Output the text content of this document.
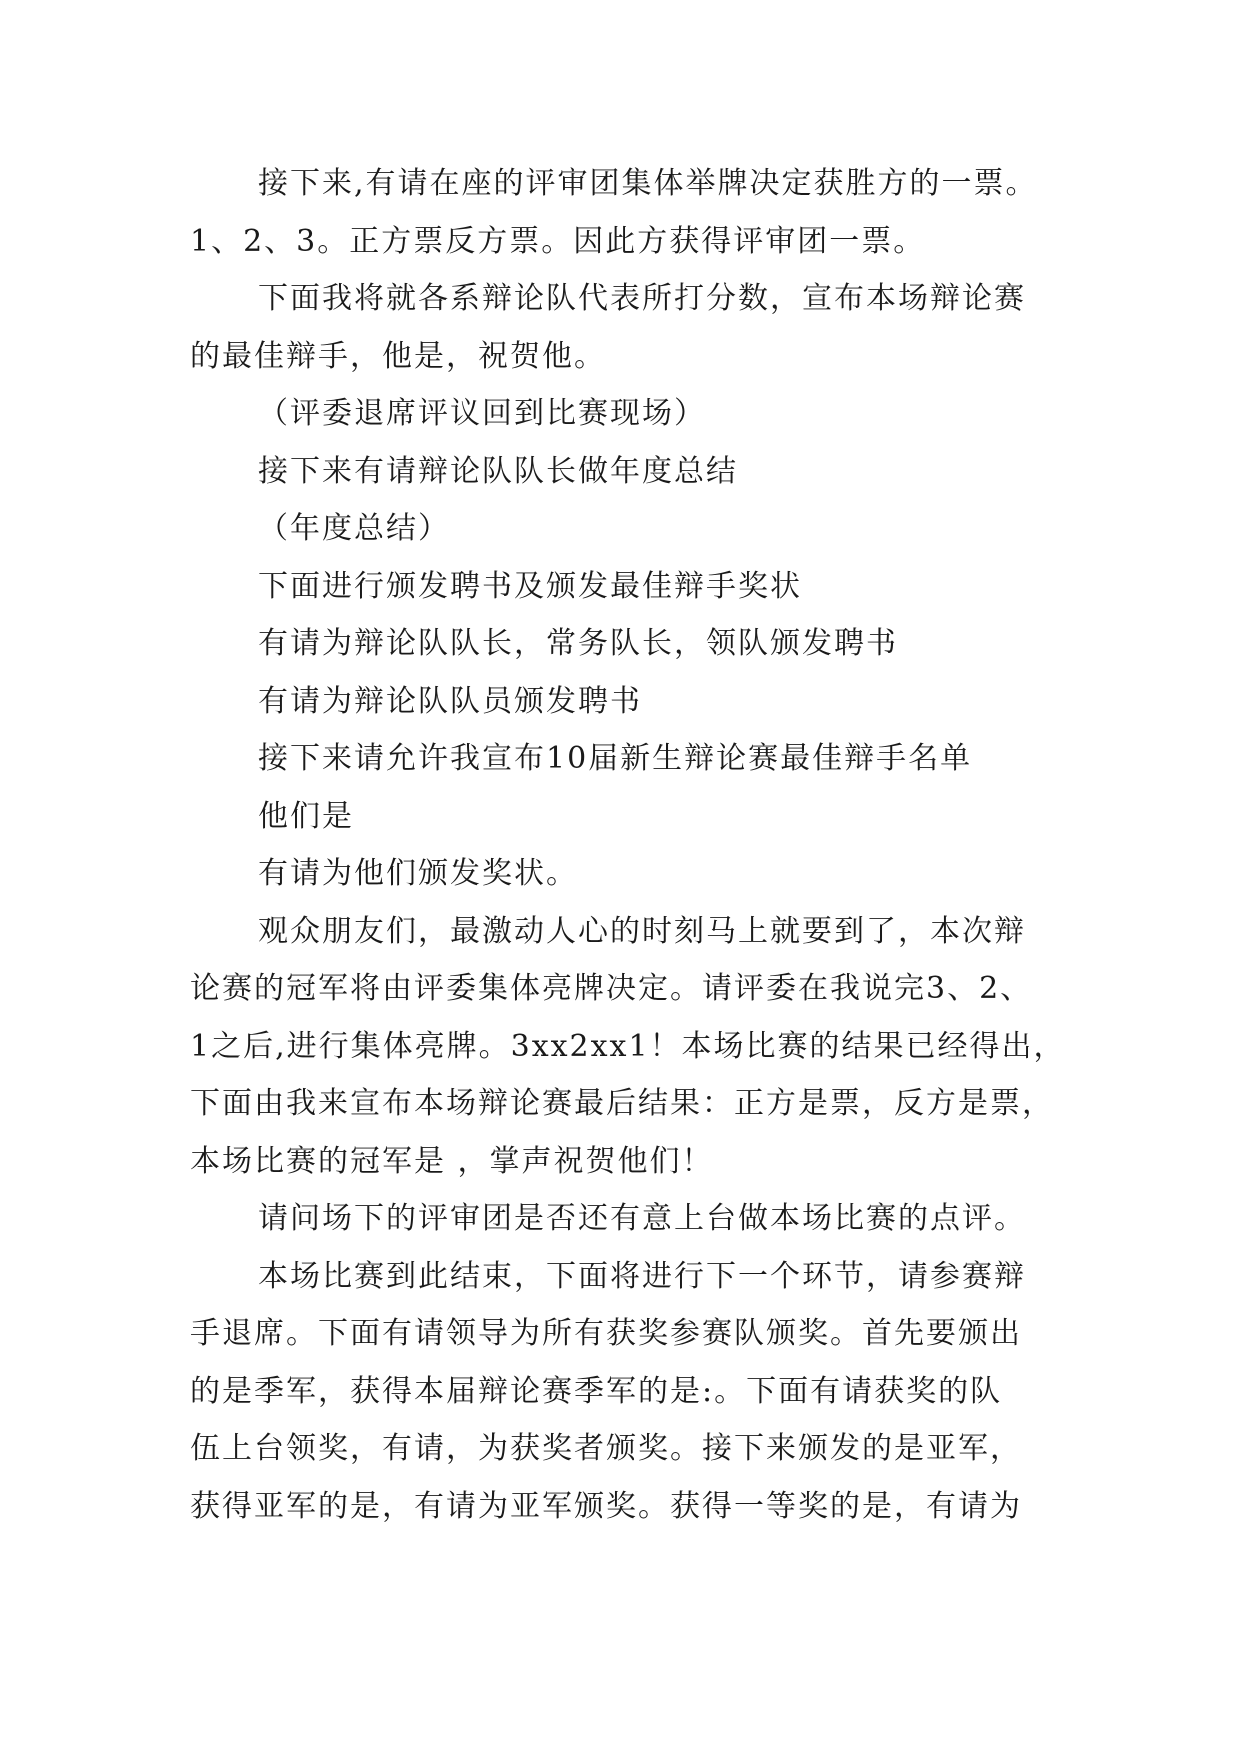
接下来,有请在座的评审团集体举牌决定获胜方的一票。

1、2、3。正方票反方票。因此方获得评审团一票。

下面我将就各系辩论队代表所打分数，宣布本场辩论赛

的最佳辩手，他是，祝贺他。

（评委退席评议回到比赛现场）

接下来有请辩论队队长做年度总结

（年度总结）

下面进行颁发聘书及颁发最佳辩手奖状

有请为辩论队队长，常务队长，领队颁发聘书

有请为辩论队队员颁发聘书

接下来请允许我宣布10届新生辩论赛最佳辩手名单

他们是

有请为他们颁发奖状。

观众朋友们，最激动人心的时刻马上就要到了，本次辩

论赛的冠军将由评委集体亮牌决定。请评委在我说完3、2、

1之后,进行集体亮牌。3xx2xx1！本场比赛的结果已经得出，

下面由我来宣布本场辩论赛最后结果：正方是票，反方是票，

本场比赛的冠军是 ，掌声祝贺他们！

请问场下的评审团是否还有意上台做本场比赛的点评。

本场比赛到此结束，下面将进行下一个环节，请参赛辩

手退席。下面有请领导为所有获奖参赛队颁奖。首先要颁出

的是季军，获得本届辩论赛季军的是:。下面有请获奖的队

伍上台领奖，有请，为获奖者颁奖。接下来颁发的是亚军，

获得亚军的是，有请为亚军颁奖。获得一等奖的是，有请为
